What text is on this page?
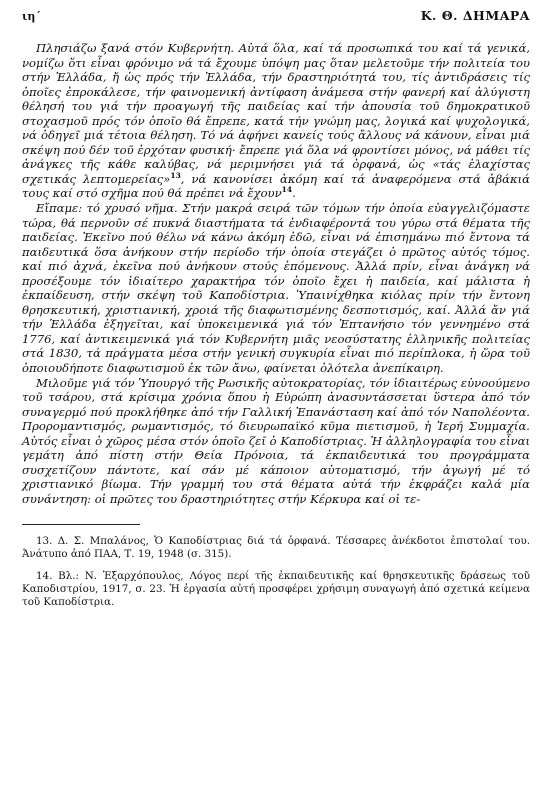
ιη´	Κ. Θ. ΔΗΜΑΡΑ

Πλησιάζω ξανά στόν Κυβερνήτη. Αὐτά ὅλα, καί τά προσωπικά του καί τά γενικά, νομίζω ὅτι εἶναι φρόνιμο νά τά ἔχουμε ὑπόψη μας ὅταν μελετοῦμε τήν πολιτεία του στήν Ἑλλάδα, ἤ ὡς πρός τήν Ἑλλάδα, τήν δραστηριότητά του, τίς ἀντιδράσεις τίς ὁποῖες ἐπροκάλεσε, τήν φαινομενική ἀντίφαση ἀνάμεσα στήν φανερή καί ἀλύγιστη θέλησή του γιά τήν προαγωγή τῆς παιδείας καί τήν ἀπουσία τοῦ δημοκρατικοῦ στοχασμοῦ πρός τόν ὁποῖο θά ἔπρεπε, κατά τήν γνώμη μας, λογικά καί ψυχολογικά, νά ὁδηγεῖ μιά τέτοια θέληση. Τό νά ἀφήνει κανείς τούς ἄλλους νά κάνουν, εἶναι μιά σκέψη πού δέν τοῦ ἐρχόταν φυσική· ἔπρεπε γιά ὅλα νά φροντίσει μόνος, νά μάθει τίς ἀνάγκες τῆς κάθε καλύβας, νά μεριμνήσει γιά τά ὀρφανά, ὡς «τάς ἐλαχίστας σχετικάς λεπτομερείας»$^{13}$, νά κανονίσει ἀκόμη καί τά ἀναφερόμενα στά ἀβάκιά τους καί στό σχῆμα πού θά πρέπει νά ἔχουν$^{14}$.

Εἴπαμε: τό χρυσό νῆμα. Στήν μακρά σειρά τῶν τόμων τήν ὁποία εὐαγγελιζόμαστε τώρα, θά περνοῦν σέ πυκνά διαστήματα τά ἐνδιαφέροντά του γύρω στά θέματα τῆς παιδείας. Ἐκεῖνο πού θέλω νά κάνω ἀκόμη ἐδῶ, εἶναι νά ἐπισημάνω πιό ἔντονα τά παιδευτικά ὅσα ἀνήκουν στήν περίοδο τήν ὁποία στεγάζει ὁ πρῶτος αὐτός τόμος. καί πιό ἀχνά, ἐκεῖνα πού ἀνήκουν στούς ἑπόμενους. Ἀλλά πρίν, εἶναι ἀνάγκη νά προσέξουμε τόν ἰδιαίτερο χαρακτήρα τόν ὁποῖο ἔχει ἡ παιδεία, καί μάλιστα ἡ ἐκπαίδευση, στήν σκέψη τοῦ Καποδίστρια. Ὑπαινίχθηκα κιόλας πρίν τήν ἔντονη θρησκευτική, χριστιανική, χροιά τῆς διαφωτισμένης δεσποτισμός, καί. Ἀλλά ἄν γιά τήν Ἑλλάδα ἐξηγεῖται, καί ὑποκειμενικά γιά τόν Ἑπτανήσιο τόν γεννημένο στά 1776, καί ἀντικειμενικά γιά τόν Κυβερνήτη μιᾶς νεοσύστατης ἑλληνικῆς πολιτείας στά 1830, τά πράγματα μέσα στήν γενική συγκυρία εἶναι πιό περίπλοκα, ἡ ὥρα τοῦ ὁποιουδήποτε διαφωτισμοῦ ἐκ τῶν ἄνω, φαίνεται ὁλότελα ἀνεπίκαιρη.

Μιλοῦμε γιά τόν Ὑπουργό τῆς Ρωσικῆς αὐτοκρατορίας, τόν ἰδιαιτέρως εὐνοούμενο τοῦ τσάρου, στά κρίσιμα χρόνια ὅπου ἡ Εὐρώπη ἀνασυντάσσεται ὕστερα ἀπό τόν συναγερμό πού προκλήθηκε ἀπό τήν Γαλλική Ἐπανάσταση καί ἀπό τόν Ναπολέοντα. Προρομαντισμός, ρωμαντισμός, τό διευρωπαϊκό κῦμα πιετισμοῦ, ἡ Ἱερή Συμμαχία. Αὐτός εἶναι ὁ χῶρος μέσα στόν ὁποῖο ζεῖ ὁ Καποδίστριας. Ἡ ἀλληλογραφία του εἶναι γεμάτη ἀπό πίστη στήν Θεία Πρόνοια, τά ἐκπαιδευτικά του προγράμματα συσχετίζουν πάντοτε, καί σάν μέ κάποιον αὐτοματισμό, τήν ἀγωγή μέ τό χριστιανικό βίωμα. Τήν γραμμή του στά θέματα αὐτά τήν ἐκφράζει καλά μία συνάντηση: οἱ πρῶτες του δραστηριότητες στήν Κέρκυρα καί οἱ τε-

13. Δ. Σ. Μπαλάνος, Ὁ Καποδίστριας διά τά ὀρφανά. Τέσσαρες ἀνέκδοτοι ἐπιστολαί του. Ἀνάτυπο ἀπό ΠΑΑ, Τ. 19, 1948 (σ. 315).

14. Βλ.: Ν. Ἐξαρχόπουλος, Λόγος περί τῆς ἐκπαιδευτικῆς καί θρησκευτικῆς δράσεως τοῦ Καποδιστρίου, 1917, σ. 23. Ἡ ἐργασία αὐτή προσφέρει χρήσιμη συναγωγή ἀπό σχετικά κείμενα τοῦ Καποδίστρια.
